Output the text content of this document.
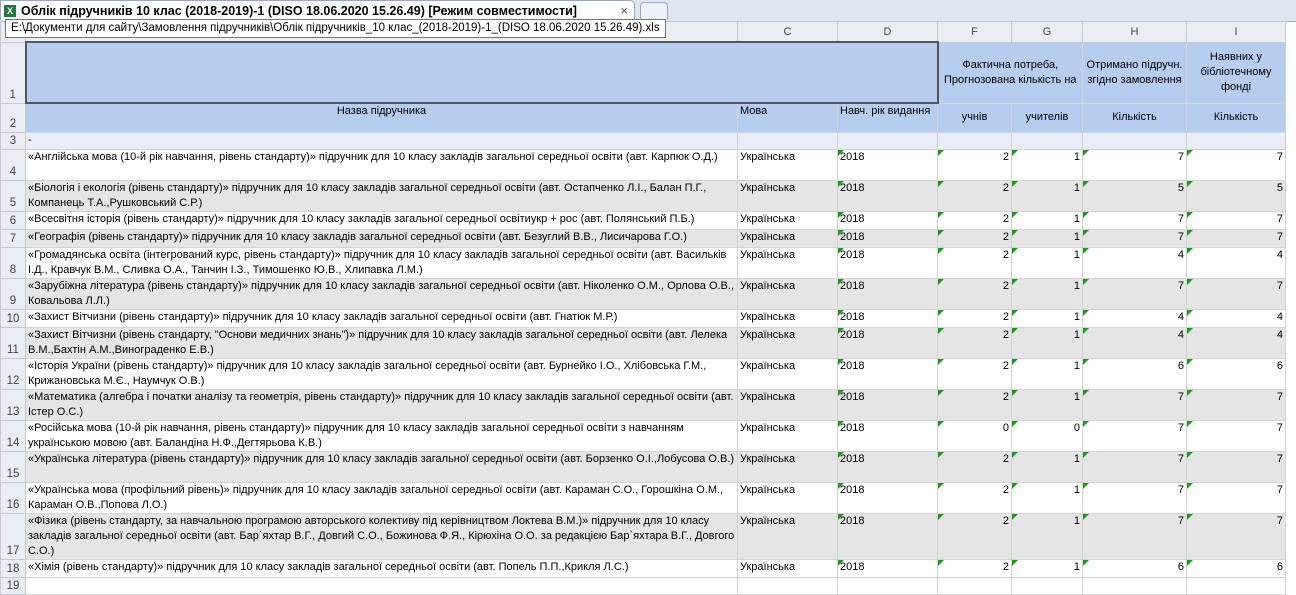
X Облік підручників 10 клас (2018-2019)-1 (DISO 18.06.2020 15.26.49) [Режим совместимости]	×
E:\Документи для сайту\Замовлення підручників\Облік підручників_10 клас_(2018-2019)-1_(DISO 18.06.2020 15.26.49).xls
			C	D	F	G	H	I
1				Фактична потреба, Прогнозована кількість на		Отримано підручн. згідно замовлення	Наявних у бібліотечному фонді
2	Назва підручника	Мова	Навч. рік видання	учнів	учителів	Кількість	Кількість
3	-						
4	«Англійська мова (10-й рік навчання, рівень стандарту)» підручник для 10 класу закладів загальної середньої освіти (авт. Карпюк О.Д.)	Українська	2018	2	1	7	7
5	«Біологія і екологія (рівень стандарту)» підручник для 10 класу закладів загальної середньої освіти (авт. Остапченко Л.І., Балан П.Г., Компанець Т.А.,Рушковський С.Р.)	Українська	2018	2	1	5	5
6	«Всесвітня історія (рівень стандарту)» підручник для 10 класу закладів загальної середньої освітиукр + рос (авт. Полянський П.Б.)	Українська	2018	2	1	7	7
7	«Географія (рівень стандарту)» підручник для 10 класу закладів загальної середньої освіти (авт. Безуглий В.В., Лисичарова Г.О.)	Українська	2018	2	1	7	7
8	«Громадянська освіта (інтегрований курс, рівень стандарту)» підручник для 10 класу закладів загальної середньої освіти (авт. Васильків І.Д., Кравчук В.М., Сливка О.А., Танчин І.З., Тимошенко Ю.В., Хлипавка Л.М.)	Українська	2018	2	1	4	4
9	«Зарубіжна література (рівень стандарту)» підручник для 10 класу закладів загальної середньої освіти (авт. Ніколенко О.М., Орлова О.В., Ковальова Л.Л.)	Українська	2018	2	1	7	7
10	«Захист Вітчизни (рівень стандарту)» підручник для 10 класу закладів загальної середньої освіти (авт. Гнатюк М.Р.)	Українська	2018	2	1	4	4
11	«Захист Вітчизни (рівень стандарту, "Основи медичних знань")» підручник для 10 класу закладів загальної середньої освіти (авт. Лелека В.М.,Бахтін А.М.,Винограденко Е.В.)	Українська	2018	2	1	4	4
12	«Історія України (рівень стандарту)» підручник для 10 класу закладів загальної середньої освіти (авт. Бурнейко І.О., Хлібовська Г.М., Крижановська М.Є., Наумчук О.В.)	Українська	2018	2	1	6	6
13	«Математика (алгебра і початки аналізу та геометрія, рівень стандарту)» підручник для 10 класу закладів загальної середньої освіти (авт. Істер О.С.)	Українська	2018	2	1	7	7
14	«Російська мова (10-й рік навчання, рівень стандарту)» підручник для 10 класу закладів загальної середньої освіти з навчанням українською мовою (авт. Баландіна Н.Ф.,Дегтярьова К.В.)	Українська	2018	0	0	7	7
15	«Українська література (рівень стандарту)» підручник для 10 класу закладів загальної середньої освіти (авт. Борзенко О.І.,Лобусова О.В.)	Українська	2018	2	1	7	7
16	«Українська мова (профільний рівень)» підручник для 10 класу закладів загальної середньої освіти (авт. Караман С.О., Горошкіна О.М., Караман О.В.,Попова Л.О.)	Українська	2018	2	1	7	7
17	«Фізика (рівень стандарту, за навчальною програмою авторського колективу під керівництвом Локтева В.М.)» підручник для 10 класу закладів загальної середньої освіти (авт. Бар`яхтар В.Г., Довгий С.О., Божинова Ф.Я., Кірюхіна О.О. за редакцією Бар`яхтара В.Г., Довгого С.О.)	Українська	2018	2	1	7	7
18	«Хімія (рівень стандарту)» підручник для 10 класу закладів загальної середньої освіти (авт. Попель П.П.,Крикля Л.С.)	Українська	2018	2	1	6	6
19							
